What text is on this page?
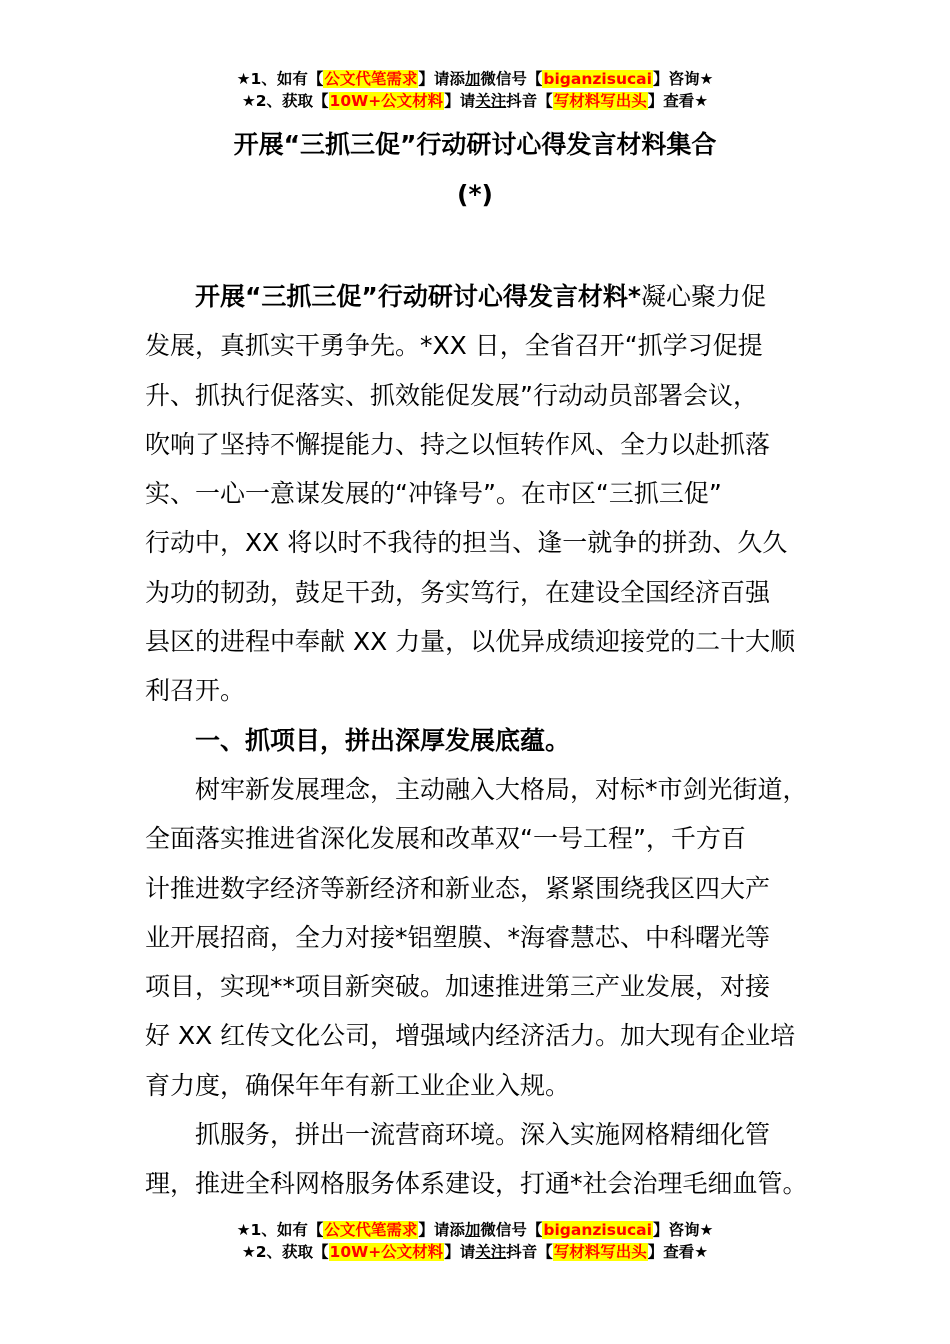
★1、如有【公文代笔需求】请添加微信号【biganzisucai】咨询★
★2、获取【10W+公文材料】请关注抖音【写材料写出头】查看★
开展“三抓三促”行动研讨心得发言材料集合
(*)
开展“三抓三促”行动研讨心得发言材料*凝心聚力促
发展，真抓实干勇争先。*XX 日，全省召开“抓学习促提
升、抓执行促落实、抓效能促发展”行动动员部署会议，
吹响了坚持不懈提能力、持之以恒转作风、全力以赴抓落
实、一心一意谋发展的“冲锋号”。在市区“三抓三促”
行动中，XX 将以时不我待的担当、逢一就争的拼劲、久久
为功的韧劲，鼓足干劲，务实笃行，在建设全国经济百强
县区的进程中奉献 XX 力量，以优异成绩迎接党的二十大顺
利召开。
一、抓项目，拼出深厚发展底蕴。
树牢新发展理念，主动融入大格局，对标*市剑光街道，
全面落实推进省深化发展和改革双“一号工程”，千方百
计推进数字经济等新经济和新业态，紧紧围绕我区四大产
业开展招商，全力对接*铝塑膜、*海睿慧芯、中科曙光等
项目，实现**项目新突破。加速推进第三产业发展，对接
好 XX 红传文化公司，增强域内经济活力。加大现有企业培
育力度，确保年年有新工业企业入规。
抓服务，拼出一流营商环境。深入实施网格精细化管
理，推进全科网格服务体系建设，打通*社会治理毛细血管。
★1、如有【公文代笔需求】请添加微信号【biganzisucai】咨询★
★2、获取【10W+公文材料】请关注抖音【写材料写出头】查看★
